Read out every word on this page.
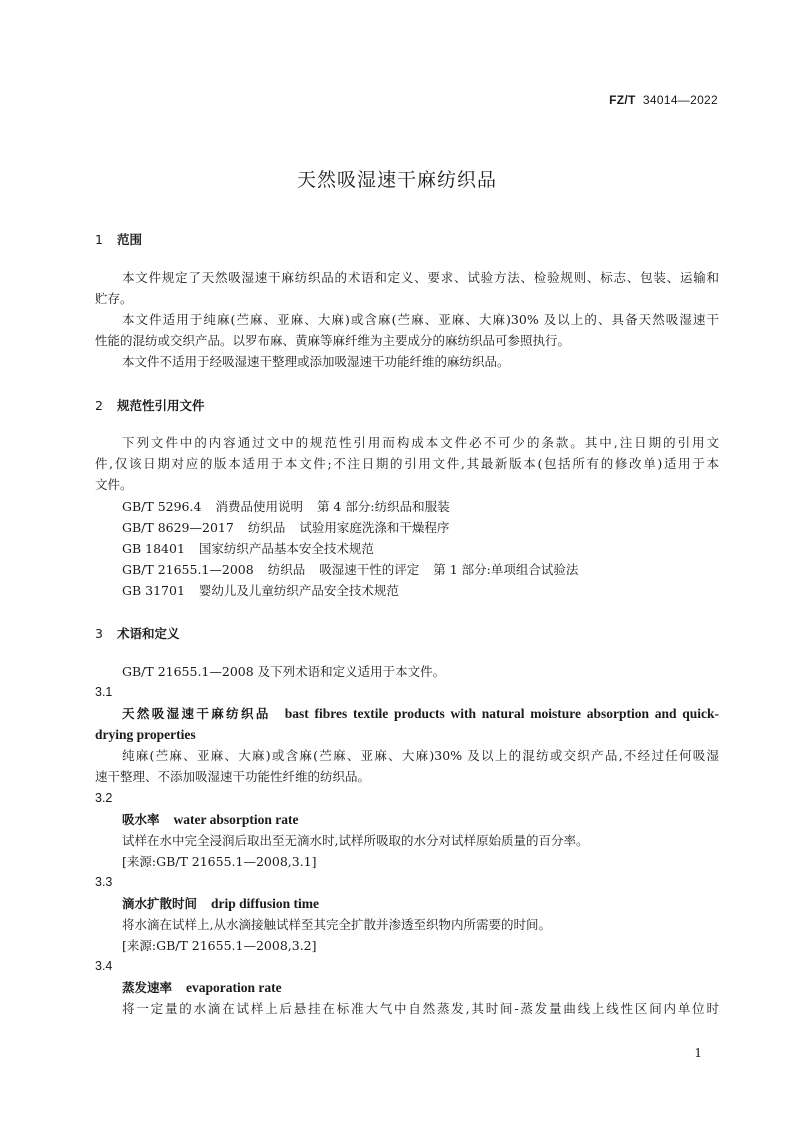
FZ/T 34014—2022
天然吸湿速干麻纺织品
1 范围
本文件规定了天然吸湿速干麻纺织品的术语和定义、要求、试验方法、检验规则、标志、包装、运输和
贮存。
本文件适用于纯麻(苎麻、亚麻、大麻)或含麻(苎麻、亚麻、大麻)30% 及以上的、具备天然吸湿速干
性能的混纺或交织产品。以罗布麻、黄麻等麻纤维为主要成分的麻纺织品可参照执行。
本文件不适用于经吸湿速干整理或添加吸湿速干功能纤维的麻纺织品。
2 规范性引用文件
下列文件中的内容通过文中的规范性引用而构成本文件必不可少的条款。其中,注日期的引用文
件,仅该日期对应的版本适用于本文件;不注日期的引用文件,其最新版本(包括所有的修改单)适用于本
文件。
GB/T 5296.4 消费品使用说明 第 4 部分:纺织品和服装
GB/T 8629—2017 纺织品 试验用家庭洗涤和干燥程序
GB 18401 国家纺织产品基本安全技术规范
GB/T 21655.1—2008 纺织品 吸湿速干性的评定 第 1 部分:单项组合试验法
GB 31701 婴幼儿及儿童纺织产品安全技术规范
3 术语和定义
GB/T 21655.1—2008 及下列术语和定义适用于本文件。
3.1
天然吸湿速干麻纺织品 bast fibres textile products with natural moisture absorption and quick-
drying properties
纯麻(苎麻、亚麻、大麻)或含麻(苎麻、亚麻、大麻)30% 及以上的混纺或交织产品,不经过任何吸湿
速干整理、不添加吸湿速干功能性纤维的纺织品。
3.2
吸水率 water absorption rate
试样在水中完全浸润后取出至无滴水时,试样所吸取的水分对试样原始质量的百分率。
[来源:GB/T 21655.1—2008,3.1]
3.3
滴水扩散时间 drip diffusion time
将水滴在试样上,从水滴接触试样至其完全扩散并渗透至织物内所需要的时间。
[来源:GB/T 21655.1—2008,3.2]
3.4
蒸发速率 evaporation rate
将一定量的水滴在试样上后悬挂在标准大气中自然蒸发,其时间-蒸发量曲线上线性区间内单位时
1
